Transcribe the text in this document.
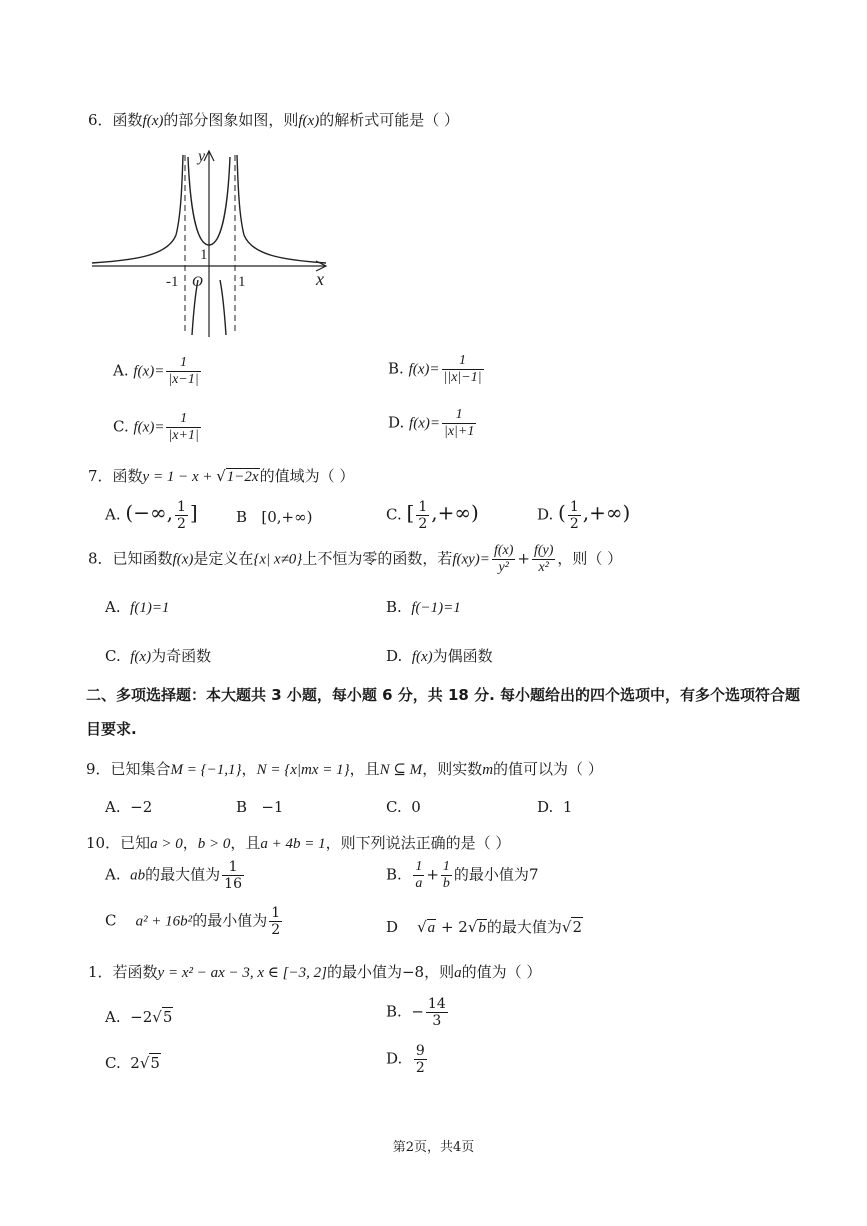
6．函数f(x)的部分图象如图，则f(x)的解析式可能是（ ）
y
x
O
-1	1
1
A. $f(x)= \frac{1}{|x-1|}$	B. $f(x)= \frac{1}{||x|-1|}$
C. $f(x)= \frac{1}{|x+1|}$	D. $f(x)= \frac{1}{|x|+1}$
7．函数y = 1 − x + √1−2x的值域为（ ）
A. (−∞, $\frac{1}{2}$ ]	B [0,+∞)	C. [ $\frac{1}{2}$ ,+∞)	D. ( $\frac{1}{2}$ ,+∞)
8．已知函数f(x)是定义在{x| x≠0}上不恒为零的函数，若$f(xy)= \frac{f(x)}{\text{y²}} + \frac{f(y)}{\text{x²}}$ ，则（ ）
A. f(1)=1	B. f(−1)=1
C. f(x)为奇函数	D. f(x)为偶函数
二、多项选择题：本大题共 3 小题，每小题 6 分，共 18 分. 每小题给出的四个选项中，有多个选项符合题
目要求.
9．已知集合M = {−1,1}，N = {x|mx = 1}，且N ⊆ M，则实数m的值可以为（ ）
A. −2	B −1	C. 0	D. 1
10．已知a > 0，b > 0，且a + 4b = 1，则下列说法正确的是（ ）
A. ab的最大值为 $\frac{1}{16}$	B. $\frac{1}{a} + \frac{1}{b}$ 的最小值为7
C a² + 16b²的最小值为 $\frac{1}{2}$	D    √a + 2√b的最大值为√2
1．若函数y = x² − ax − 3, x ∈ [−3, 2]的最小值为−8，则a的值为（ ）
A. −2√5	B. − $\frac{14}{3}$
C. 2√5	D. $\frac{9}{2}$
第2页，共4页
